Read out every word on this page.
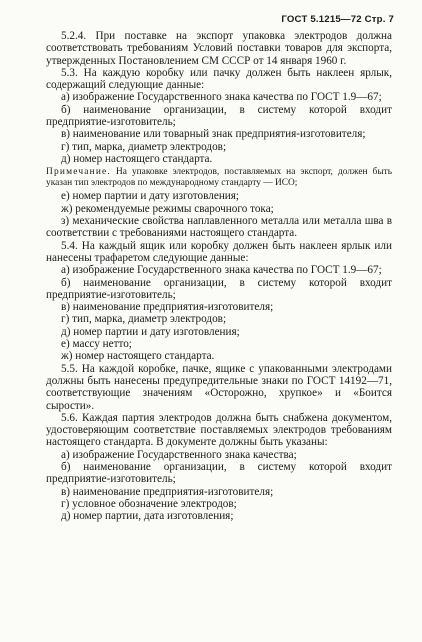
ГОСТ 5.1215—72 Стр. 7

5.2.4. При поставке на экспорт упаковка электродов должна соответствовать требованиям Условий поставки товаров для экспорта, утвержденных Постановлением СМ СССР от 14 января 1960 г.

5.3. На каждую коробку или пачку должен быть наклеен ярлык, содержащий следующие данные:

а) изображение Государственного знака качества по ГОСТ 1.9—67;

б) наименование организации, в систему которой входит предприятие-изготовитель;

в) наименование или товарный знак предприятия-изготовителя;

г) тип, марка, диаметр электродов;

д) номер настоящего стандарта.

Примечание. На упаковке электродов, поставляемых на экспорт, должен быть указан тип электродов по международному стандарту — ИСО;

е) номер партии и дату изготовления;

ж) рекомендуемые режимы сварочного тока;

з) механические свойства наплавленного металла или металла шва в соответствии с требованиями настоящего стандарта.

5.4. На каждый ящик или коробку должен быть наклеен ярлык или нанесены трафаретом следующие данные:

а) изображение Государственного знака качества по ГОСТ 1.9—67;

б) наименование организации, в систему которой входит предприятие-изготовитель;

в) наименование предприятия-изготовителя;

г) тип, марка, диаметр электродов;

д) номер партии и дату изготовления;

е) массу нетто;

ж) номер настоящего стандарта.

5.5. На каждой коробке, пачке, ящике с упакованными электродами должны быть нанесены предупредительные знаки по ГОСТ 14192—71, соответствующие значениям «Осторожно, хрупкое» и «Боится сырости».

5.6. Каждая партия электродов должна быть снабжена документом, удостоверяющим соответствие поставляемых электродов требованиям настоящего стандарта. В документе должны быть указаны:

а) изображение Государственного знака качества;

б) наименование организации, в систему которой входит предприятие-изготовитель;

в) наименование предприятия-изготовителя;

г) условное обозначение электродов;

д) номер партии, дата изготовления;
